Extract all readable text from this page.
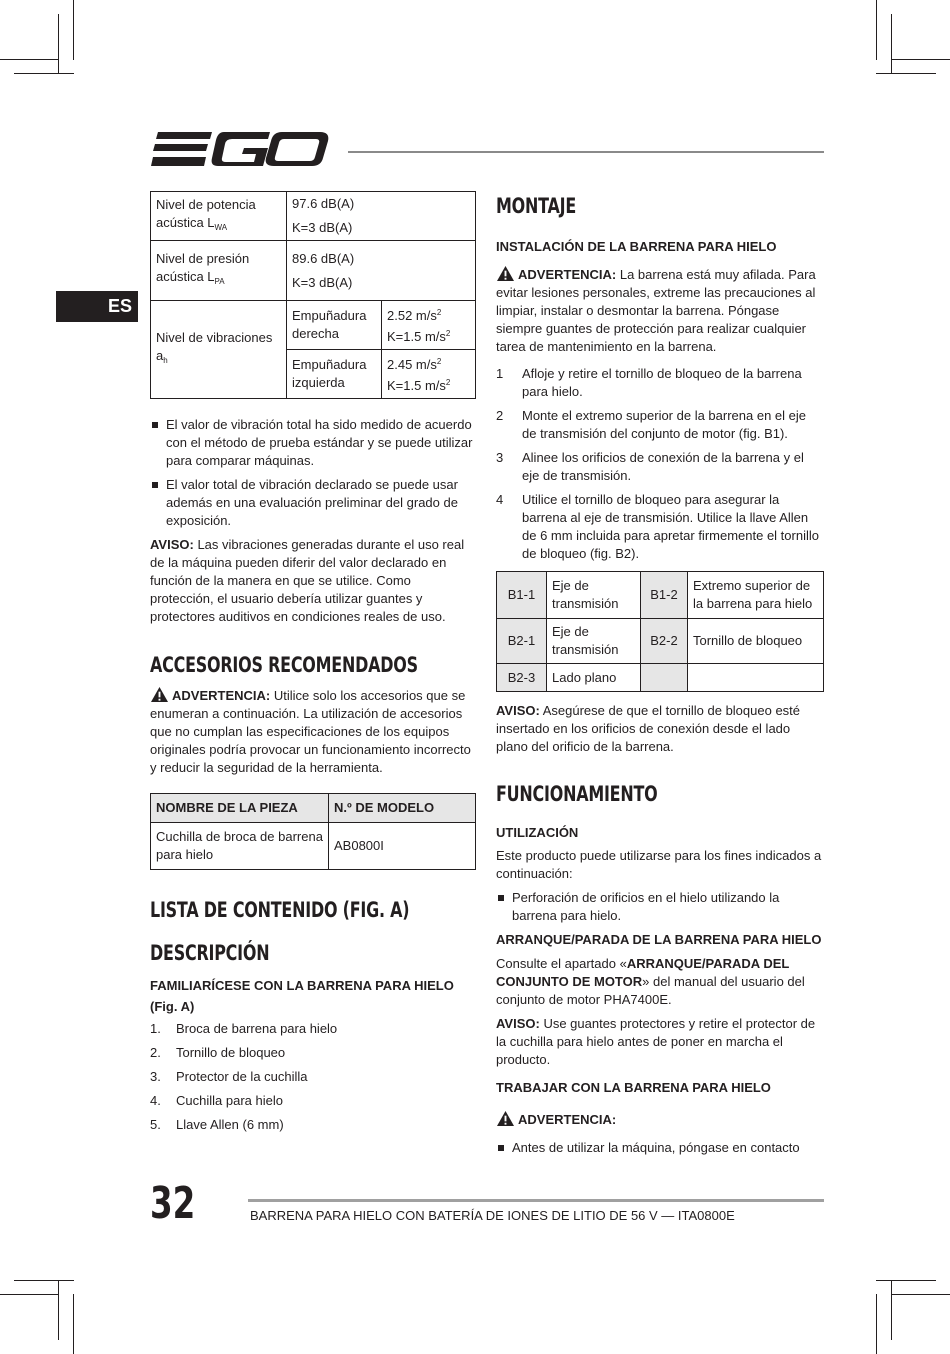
ES
Nivel de potencia acústica $L_{WA}$	97.6 dB(A)
K=3 dB(A)	
Nivel de presión acústica $L_{PA}$	89.6 dB(A)
K=3 dB(A)	
Nivel de vibraciones $a_h$	Empuñadura derecha	2.52 $m/s^2$
K=1.5 $m/s^2$
	Empuñadura izquierda	2.45 $m/s^2$
K=1.5 $m/s^2$
El valor de vibración total ha sido medido de acuerdo con el método de prueba estándar y se puede utilizar para comparar máquinas.
El valor total de vibración declarado se puede usar además en una evaluación preliminar del grado de exposición.

AVISO: Las vibraciones generadas durante el uso real de la máquina pueden diferir del valor declarado en función de la manera en que se utilice. Como protección, el usuario debería utilizar guantes y protectores auditivos en condiciones reales de uso.

ACCESORIOS RECOMENDADOS

ADVERTENCIA: Utilice solo los accesorios que se enumeran a continuación. La utilización de accesorios que no cumplan las especificaciones de los equipos originales podría provocar un funcionamiento incorrecto y reducir la seguridad de la herramienta.

NOMBRE DE LA PIEZA	N.º DE MODELO
Cuchilla de broca de barrena para hielo	AB0800I
LISTA DE CONTENIDO (FIG. A)
DESCRIPCIÓN
FAMILIARÍCESE CON LA BARRENA PARA HIELO (Fig. A)
1. Broca de barrena para hielo
2. Tornillo de bloqueo
3. Protector de la cuchilla
4. Cuchilla para hielo
5. Llave Allen (6 mm)
MONTAJE
INSTALACIÓN DE LA BARRENA PARA HIELO

ADVERTENCIA: La barrena está muy afilada. Para evitar lesiones personales, extreme las precauciones al limpiar, instalar o desmontar la barrena. Póngase siempre guantes de protección para realizar cualquier tarea de mantenimiento en la barrena.

1 Afloje y retire el tornillo de bloqueo de la barrena para hielo.
2 Monte el extremo superior de la barrena en el eje de transmisión del conjunto de motor (fig. B1).
3 Alinee los orificios de conexión de la barrena y el eje de transmisión.
4 Utilice el tornillo de bloqueo para asegurar la barrena al eje de transmisión. Utilice la llave Allen de 6 mm incluida para apretar firmemente el tornillo de bloqueo (fig. B2).
B1-1	Eje de transmisión	B1-2	Extremo superior de la barrena para hielo
B2-1	Eje de transmisión	B2-2	Tornillo de bloqueo
B2-3	Lado plano		

AVISO: Asegúrese de que el tornillo de bloqueo esté insertado en los orificios de conexión desde el lado plano del orificio de la barrena.

FUNCIONAMIENTO
UTILIZACIÓN

Este producto puede utilizarse para los fines indicados a continuación:

Perforación de orificios en el hielo utilizando la barrena para hielo.
ARRANQUE/PARADA DE LA BARRENA PARA HIELO

Consulte el apartado «ARRANQUE/PARADA DEL CONJUNTO DE MOTOR» del manual del usuario del conjunto de motor PHA7400E.

AVISO: Use guantes protectores y retire el protector de la cuchilla para hielo antes de poner en marcha el producto.

TRABAJAR CON LA BARRENA PARA HIELO

ADVERTENCIA:

Antes de utilizar la máquina, póngase en contacto
32	BARRENA PARA HIELO CON BATERÍA DE IONES DE LITIO DE 56 V — ITA0800E
